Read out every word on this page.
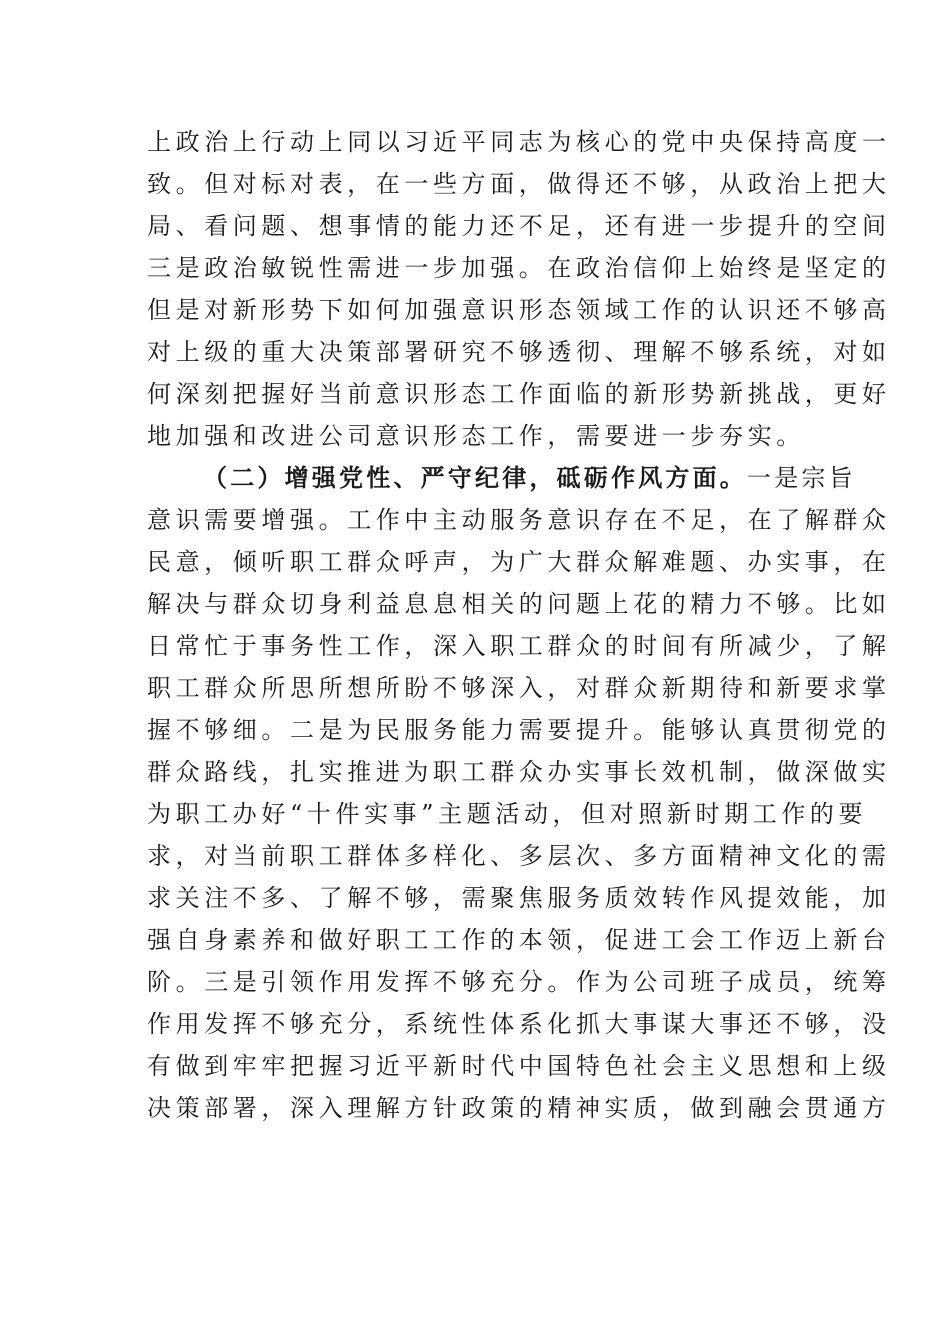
上政治上行动上同以习近平同志为核心的党中央保持高度一
致。但对标对表，在一些方面，做得还不够，从政治上把大
局、看问题、想事情的能力还不足，还有进一步提升的空间
三是政治敏锐性需进一步加强。在政治信仰上始终是坚定的
但是对新形势下如何加强意识形态领域工作的认识还不够高
对上级的重大决策部署研究不够透彻、理解不够系统，对如
何深刻把握好当前意识形态工作面临的新形势新挑战，更好
地加强和改进公司意识形态工作，需要进一步夯实。
（二）增强党性、严守纪律，砥砺作风方面。一是宗旨
意识需要增强。工作中主动服务意识存在不足，在了解群众
民意，倾听职工群众呼声，为广大群众解难题、办实事，在
解决与群众切身利益息息相关的问题上花的精力不够。比如
日常忙于事务性工作，深入职工群众的时间有所减少，了解
职工群众所思所想所盼不够深入，对群众新期待和新要求掌
握不够细。二是为民服务能力需要提升。能够认真贯彻党的
群众路线，扎实推进为职工群众办实事长效机制，做深做实
为职工办好“十件实事”主题活动，但对照新时期工作的要
求，对当前职工群体多样化、多层次、多方面精神文化的需
求关注不多、了解不够，需聚焦服务质效转作风提效能，加
强自身素养和做好职工工作的本领，促进工会工作迈上新台
阶。三是引领作用发挥不够充分。作为公司班子成员，统筹
作用发挥不够充分，系统性体系化抓大事谋大事还不够，没
有做到牢牢把握习近平新时代中国特色社会主义思想和上级
决策部署，深入理解方针政策的精神实质，做到融会贯通方
